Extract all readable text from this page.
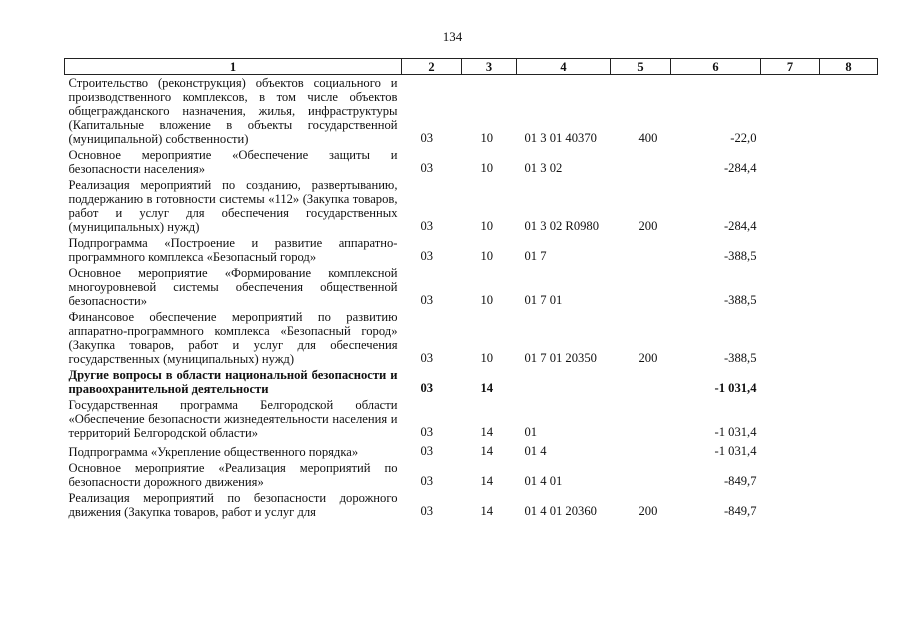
134
1	2	3	4	5	6	7	8
Строительство (реконструкция) объектов социального и производственного комплексов, в том числе объектов общегражданского назначения, жилья, инфраструктуры (Капитальные вложение в объекты государственной (муниципальной) собственности)	03	10	01 3 01 40370	400	-22,0		
Основное мероприятие «Обеспечение защиты и безопасности населения»	03	10	01 3 02		-284,4		
Реализация мероприятий по созданию, развертыванию, поддержанию в готовности системы «112» (Закупка товаров, работ и услуг для обеспечения государственных (муниципальных) нужд)	03	10	01 3 02 R0980	200	-284,4		
Подпрограмма «Построение и развитие аппаратно-программного комплекса «Безопасный город»	03	10	01 7		-388,5		
Основное мероприятие «Формирование комплексной многоуровневой системы обеспечения общественной безопасности»	03	10	01 7 01		-388,5		
Финансовое обеспечение мероприятий по развитию аппаратно-программного комплекса «Безопасный город» (Закупка товаров, работ и услуг для обеспечения государственных (муниципальных) нужд)	03	10	01 7 01 20350	200	-388,5		
Другие вопросы в области национальной безопасности и правоохранительной деятельности	03	14			-1 031,4		
Государственная программа Белгородской области «Обеспечение безопасности жизнедеятельности населения и территорий Белгородской области»	03	14	01		-1 031,4		
Подпрограмма «Укрепление общественного порядка»	03	14	01 4		-1 031,4		
Основное мероприятие «Реализация мероприятий по безопасности дорожного движения»	03	14	01 4 01		-849,7		
Реализация мероприятий по безопасности дорожного движения (Закупка товаров, работ и услуг для	03	14	01 4 01 20360	200	-849,7		
